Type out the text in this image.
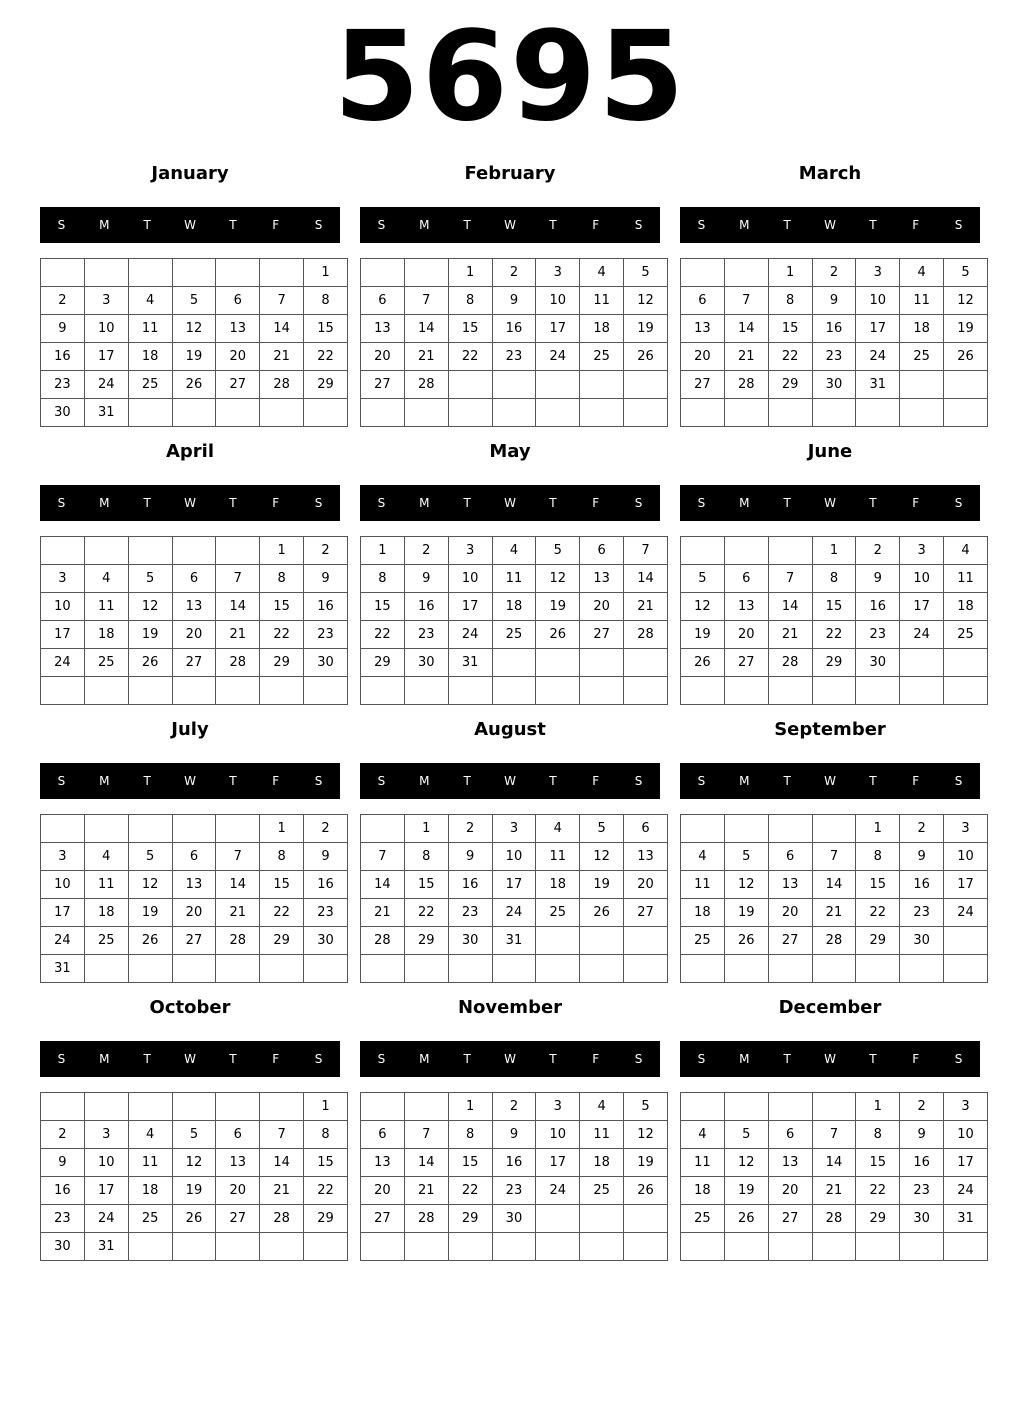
5695
January
S	M	T	W	T	F	S
						1
2	3	4	5	6	7	8
9	10	11	12	13	14	15
16	17	18	19	20	21	22
23	24	25	26	27	28	29
30	31					
February
S	M	T	W	T	F	S
		1	2	3	4	5
6	7	8	9	10	11	12
13	14	15	16	17	18	19
20	21	22	23	24	25	26
27	28					

March
S	M	T	W	T	F	S
		1	2	3	4	5
6	7	8	9	10	11	12
13	14	15	16	17	18	19
20	21	22	23	24	25	26
27	28	29	30	31		

April
S	M	T	W	T	F	S
					1	2
3	4	5	6	7	8	9
10	11	12	13	14	15	16
17	18	19	20	21	22	23
24	25	26	27	28	29	30

May
S	M	T	W	T	F	S
1	2	3	4	5	6	7
8	9	10	11	12	13	14
15	16	17	18	19	20	21
22	23	24	25	26	27	28
29	30	31				

June
S	M	T	W	T	F	S
			1	2	3	4
5	6	7	8	9	10	11
12	13	14	15	16	17	18
19	20	21	22	23	24	25
26	27	28	29	30		

July
S	M	T	W	T	F	S
					1	2
3	4	5	6	7	8	9
10	11	12	13	14	15	16
17	18	19	20	21	22	23
24	25	26	27	28	29	30
31						
August
S	M	T	W	T	F	S
	1	2	3	4	5	6
7	8	9	10	11	12	13
14	15	16	17	18	19	20
21	22	23	24	25	26	27
28	29	30	31			

September
S	M	T	W	T	F	S
				1	2	3
4	5	6	7	8	9	10
11	12	13	14	15	16	17
18	19	20	21	22	23	24
25	26	27	28	29	30	

October
S	M	T	W	T	F	S
						1
2	3	4	5	6	7	8
9	10	11	12	13	14	15
16	17	18	19	20	21	22
23	24	25	26	27	28	29
30	31					
November
S	M	T	W	T	F	S
		1	2	3	4	5
6	7	8	9	10	11	12
13	14	15	16	17	18	19
20	21	22	23	24	25	26
27	28	29	30			

December
S	M	T	W	T	F	S
				1	2	3
4	5	6	7	8	9	10
11	12	13	14	15	16	17
18	19	20	21	22	23	24
25	26	27	28	29	30	31
